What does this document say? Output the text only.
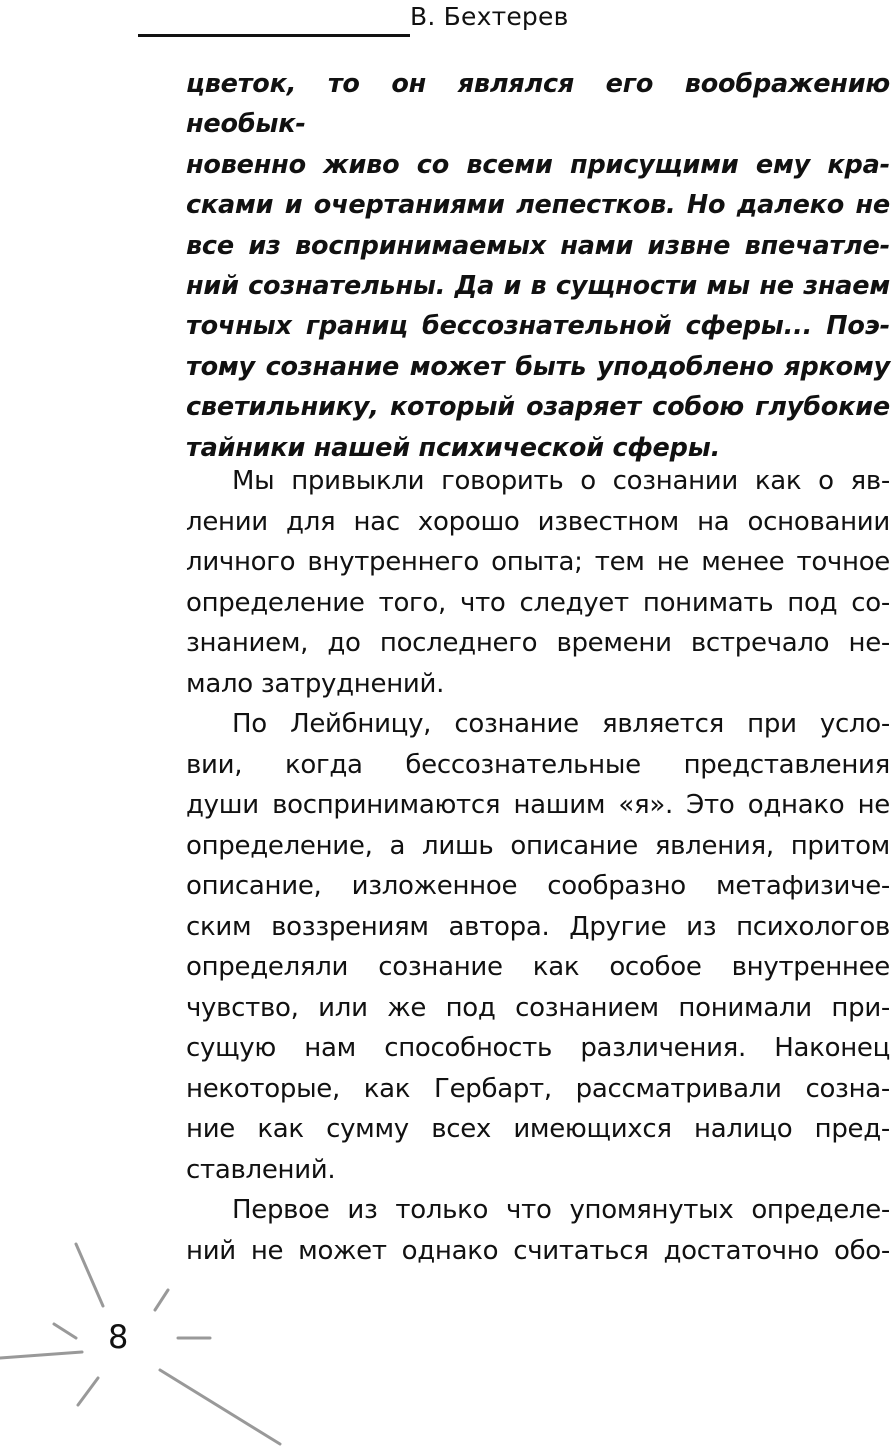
В. Бехтерев
цветок, то он являлся его воображению необык-
новенно живо со всеми присущими ему кра-
сками и очертаниями лепестков. Но далеко не
все из воспринимаемых нами извне впечатле-
ний сознательны. Да и в сущности мы не знаем
точных границ бессознательной сферы... Поэ-
тому сознание может быть уподоблено яркому
светильнику, который озаряет собою глубокие
тайники нашей психической сферы.
Мы привыкли говорить о сознании как о яв-
лении для нас хорошо известном на основании
личного внутреннего опыта; тем не менее точное
определение того, что следует понимать под со-
знанием, до последнего времени встречало не-
мало затруднений.
По Лейбницу, сознание является при усло-
вии, когда бессознательные представления
души воспринимаются нашим «я». Это однако не
определение, а лишь описание явления, притом
описание, изложенное сообразно метафизиче-
ским воззрениям автора. Другие из психологов
определяли сознание как особое внутреннее
чувство, или же под сознанием понимали при-
сущую нам способность различения. Наконец
некоторые, как Гербарт, рассматривали созна-
ние как сумму всех имеющихся налицо пред-
ставлений.
Первое из только что упомянутых определе-
ний не может однако считаться достаточно обо-
8
